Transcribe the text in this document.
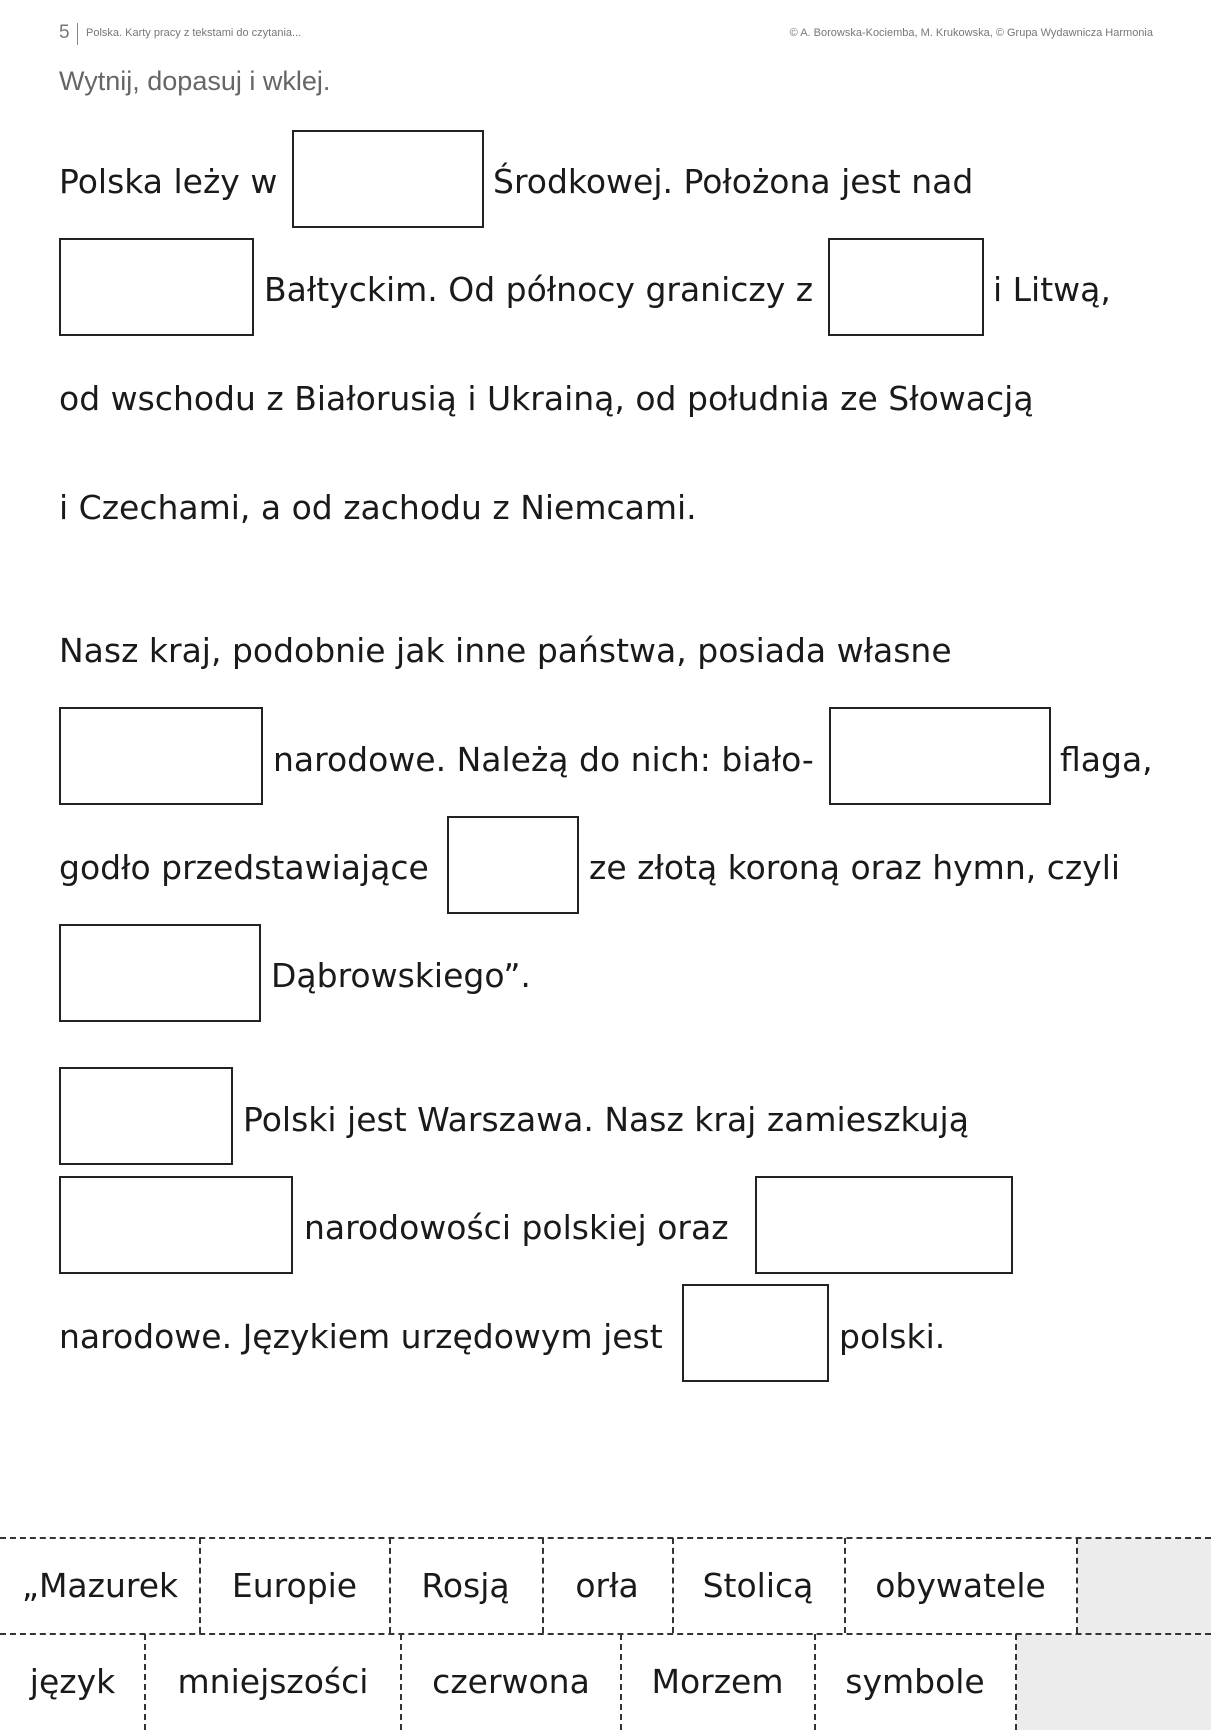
5 Polska. Karty pracy z tekstami do czytania...	© A. Borowska-Kociemba, M. Krukowska, © Grupa Wydawnicza Harmonia
Wytnij, dopasuj i wklej.
Polska leży w	Środkowej. Położona jest nad
Bałtyckim. Od północy graniczy z	i Litwą,
od wschodu z Białorusią i Ukrainą, od południa ze Słowacją
i Czechami, a od zachodu z Niemcami.
Nasz kraj, podobnie jak inne państwa, posiada własne
narodowe. Należą do nich: biało-	flaga,
godło przedstawiające	ze złotą koroną oraz hymn, czyli
Dąbrowskiego”.
Polski jest Warszawa. Nasz kraj zamieszkują
narodowości polskiej oraz
narodowe. Językiem urzędowym jest	polski.
„Mazurek Europie Rosją orła Stolicą obywatele
język mniejszości czerwona Morzem symbole
